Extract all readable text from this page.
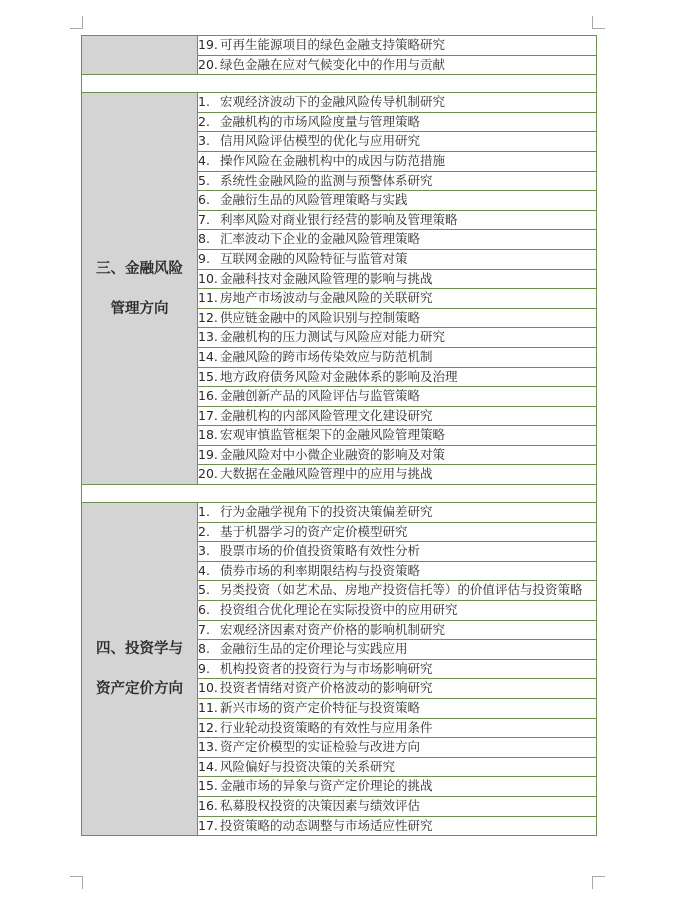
	19. 可再生能源项目的绿色金融支持策略研究
	20. 绿色金融在应对气候变化中的作用与贡献

三、金融风险
管理方向	1. 宏观经济波动下的金融风险传导机制研究
	2. 金融机构的市场风险度量与管理策略
	3. 信用风险评估模型的优化与应用研究
	4. 操作风险在金融机构中的成因与防范措施
	5. 系统性金融风险的监测与预警体系研究
	6. 金融衍生品的风险管理策略与实践
	7. 利率风险对商业银行经营的影响及管理策略
	8. 汇率波动下企业的金融风险管理策略
	9. 互联网金融的风险特征与监管对策
	10. 金融科技对金融风险管理的影响与挑战
	11. 房地产市场波动与金融风险的关联研究
	12. 供应链金融中的风险识别与控制策略
	13. 金融机构的压力测试与风险应对能力研究
	14. 金融风险的跨市场传染效应与防范机制
	15. 地方政府债务风险对金融体系的影响及治理
	16. 金融创新产品的风险评估与监管策略
	17. 金融机构的内部风险管理文化建设研究
	18. 宏观审慎监管框架下的金融风险管理策略
	19. 金融风险对中小微企业融资的影响及对策
	20. 大数据在金融风险管理中的应用与挑战

四、投资学与
资产定价方向	1. 行为金融学视角下的投资决策偏差研究
	2. 基于机器学习的资产定价模型研究
	3. 股票市场的价值投资策略有效性分析
	4. 债券市场的利率期限结构与投资策略
	5. 另类投资（如艺术品、房地产投资信托等）的价值评估与投资策略
	6. 投资组合优化理论在实际投资中的应用研究
	7. 宏观经济因素对资产价格的影响机制研究
	8. 金融衍生品的定价理论与实践应用
	9. 机构投资者的投资行为与市场影响研究
	10. 投资者情绪对资产价格波动的影响研究
	11. 新兴市场的资产定价特征与投资策略
	12. 行业轮动投资策略的有效性与应用条件
	13. 资产定价模型的实证检验与改进方向
	14. 风险偏好与投资决策的关系研究
	15. 金融市场的异象与资产定价理论的挑战
	16. 私募股权投资的决策因素与绩效评估
	17. 投资策略的动态调整与市场适应性研究
